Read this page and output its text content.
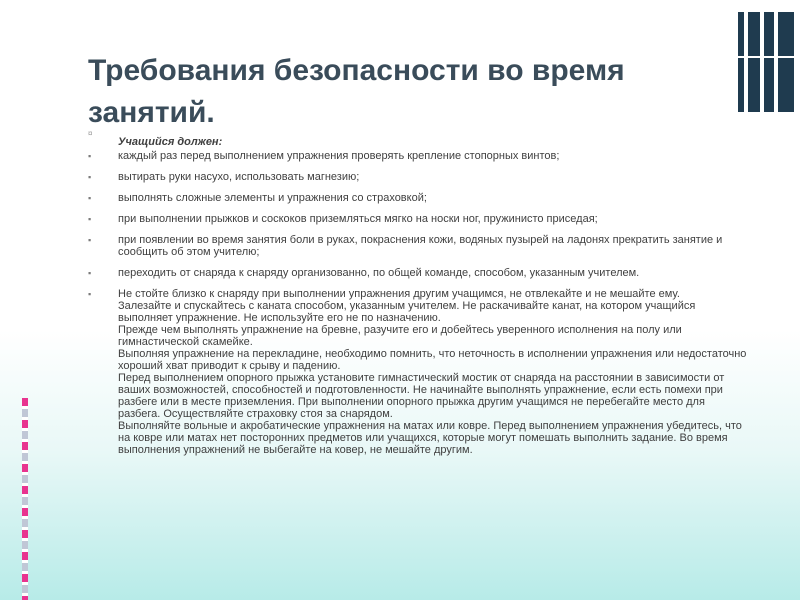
Требования безопасности во время занятий.
¤
Учащийся должен:
▪ каждый раз перед выполнением упражнения проверять крепление стопорных винтов;
▪ вытирать руки насухо, использовать магнезию;
▪ выполнять сложные элементы и упражнения со страховкой;
▪ при выполнении прыжков и соскоков приземляться мягко на носки ног, пружинисто приседая;
▪ при появлении во время занятия боли в руках, покраснения кожи, водяных пузырей на ладонях прекратить занятие и сообщить об этом учителю;
▪ переходить от снаряда к снаряду организованно, по общей команде, способом, указанным учителем.
▪ Не стойте близко к снаряду при выполнении упражнения другим учащимся, не отвлекайте и не мешайте ему.
Залезайте и спускайтесь с каната способом, указанным учителем. Не раскачивайте канат, на котором учащийся выполняет упражнение. Не используйте его не по назначению.
Прежде чем выполнять упражнение на бревне, разучите его и добейтесь уверенного исполнения на полу или гимнастической скамейке.
Выполняя упражнение на перекладине, необходимо помнить, что неточность в исполнении упражнения или недостаточно хороший хват приводит к срыву и падению.
Перед выполнением опорного прыжка установите гимнастический мостик от снаряда на расстоянии в зависимости от ваших возможностей, способностей и подготовленности. Не начинайте выполнять упражнение, если есть помехи при разбеге или в месте приземления. При выполнении опорного прыжка другим учащимся не перебегайте место для разбега. Осуществляйте страховку стоя за снарядом.
Выполняйте вольные и акробатические упражнения на матах или ковре. Перед выполнением упражнения убедитесь, что на ковре или матах нет посторонних предметов или учащихся, которые могут помешать выполнить задание. Во время выполнения упражнений не выбегайте на ковер, не мешайте другим.
